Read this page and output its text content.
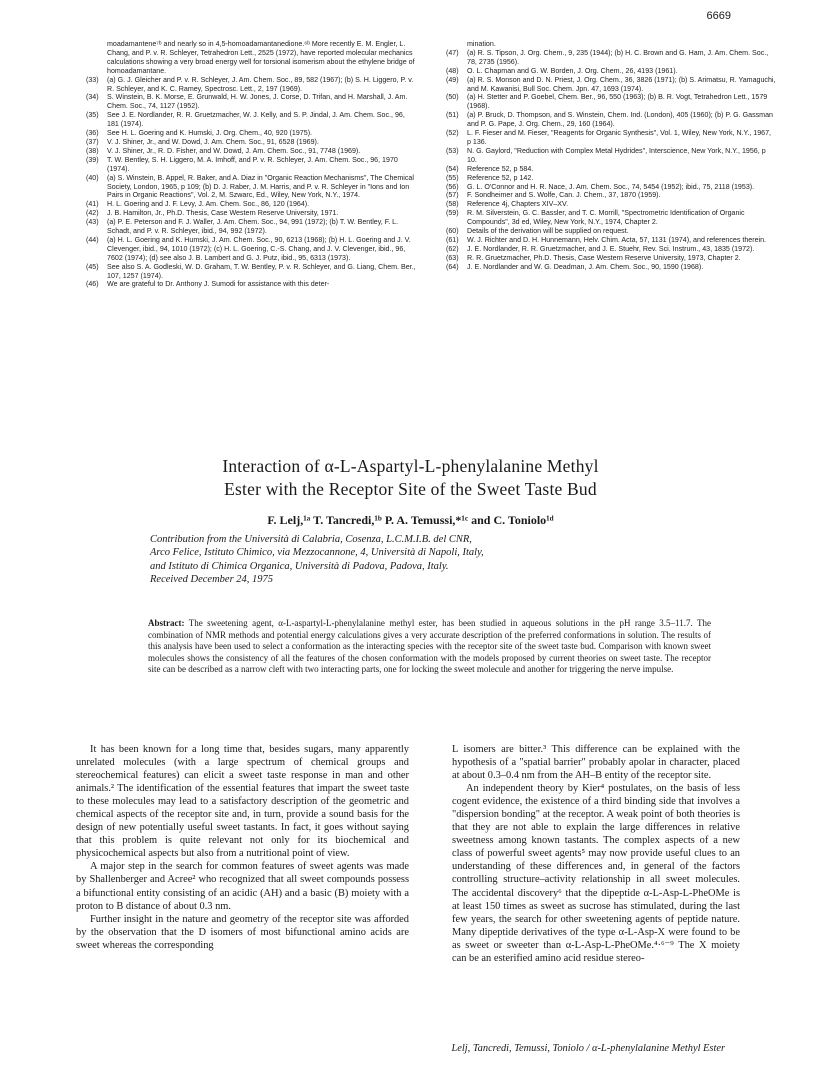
6669
moadamantene⁷ᵇ and nearly so in 4,5-homoadamantanedione.⁶ᵇ More recently E. M. Engler, L. Chang, and P. v. R. Schleyer, Tetrahedron Lett., 2525 (1972), have reported molecular mechanics calculations showing a very broad energy well for torsional isomerism about the ethylene bridge of homoadamantane.
(33) (a) G. J. Gleicher and P. v. R. Schleyer, J. Am. Chem. Soc., 89, 582 (1967); (b) S. H. Liggero, P. v. R. Schleyer, and K. C. Ramey, Spectrosc. Lett., 2, 197 (1969).
(34) S. Winstein, B. K. Morse, E. Grunwald, H. W. Jones, J. Corse, D. Trifan, and H. Marshall, J. Am. Chem. Soc., 74, 1127 (1952).
(35) See J. E. Nordlander, R. R. Gruetzmacher, W. J. Kelly, and S. P. Jindal, J. Am. Chem. Soc., 96, 181 (1974).
(36) See H. L. Goering and K. Humski, J. Org. Chem., 40, 920 (1975).
(37) V. J. Shiner, Jr., and W. Dowd, J. Am. Chem. Soc., 91, 6528 (1969).
(38) V. J. Shiner, Jr., R. D. Fisher, and W. Dowd, J. Am. Chem. Soc., 91, 7748 (1969).
(39) T. W. Bentley, S. H. Liggero, M. A. Imhoff, and P. v. R. Schleyer, J. Am. Chem. Soc., 96, 1970 (1974).
(40) (a) S. Winstein, B. Appel, R. Baker, and A. Diaz in "Organic Reaction Mechanisms", The Chemical Society, London, 1965, p 109; (b) D. J. Raber, J. M. Harris, and P. v. R. Schleyer in "Ions and Ion Pairs in Organic Reactions", Vol. 2, M. Szwarc, Ed., Wiley, New York, N.Y., 1974.
(41) H. L. Goering and J. F. Levy, J. Am. Chem. Soc., 86, 120 (1964).
(42) J. B. Hamilton, Jr., Ph.D. Thesis, Case Western Reserve University, 1971.
(43) (a) P. E. Peterson and F. J. Waller, J. Am. Chem. Soc., 94, 991 (1972); (b) T. W. Bentley, F. L. Schadt, and P. v. R. Schleyer, ibid., 94, 992 (1972).
(44) (a) H. L. Goering and K. Humski, J. Am. Chem. Soc., 90, 6213 (1968); (b) H. L. Goering and J. V. Clevenger, ibid., 94, 1010 (1972); (c) H. L. Goering, C.-S. Chang, and J. V. Clevenger, ibid., 96, 7602 (1974); (d) see also J. B. Lambert and G. J. Putz, ibid., 95, 6313 (1973).
(45) See also S. A. Godleski, W. D. Graham, T. W. Bentley, P. v. R. Schleyer, and G. Liang, Chem. Ber., 107, 1257 (1974).
(46) We are grateful to Dr. Anthony J. Sumodi for assistance with this deter-
mination.
(47) (a) R. S. Tipson, J. Org. Chem., 9, 235 (1944); (b) H. C. Brown and G. Ham, J. Am. Chem. Soc., 78, 2735 (1956).
(48) O. L. Chapman and G. W. Borden, J. Org. Chem., 26, 4193 (1961).
(49) (a) R. S. Monson and D. N. Priest, J. Org. Chem., 36, 3826 (1971); (b) S. Arimatsu, R. Yamaguchi, and M. Kawanisi, Bull Soc. Chem. Jpn. 47, 1693 (1974).
(50) (a) H. Stetter and P. Goebel, Chem. Ber., 96, 550 (1963); (b) B. R. Vogt, Tetrahedron Lett., 1579 (1968).
(51) (a) P. Bruck, D. Thompson, and S. Winstein, Chem. Ind. (London), 405 (1960); (b) P. G. Gassman and P. G. Pape, J. Org. Chem., 29, 160 (1964).
(52) L. F. Fieser and M. Fieser, "Reagents for Organic Synthesis", Vol. 1, Wiley, New York, N.Y., 1967, p 136.
(53) N. G. Gaylord, "Reduction with Complex Metal Hydrides", Interscience, New York, N.Y., 1956, p 10.
(54) Reference 52, p 584.
(55) Reference 52, p 142.
(56) G. L. O'Connor and H. R. Nace, J. Am. Chem. Soc., 74, 5454 (1952); ibid., 75, 2118 (1953).
(57) F. Sondheimer and S. Wolfe, Can. J. Chem., 37, 1870 (1959).
(58) Reference 4j, Chapters XIV–XV.
(59) R. M. Silverstein, G. C. Bassler, and T. C. Morrill, "Spectrometric Identification of Organic Compounds", 3d ed, Wiley, New York, N.Y., 1974, Chapter 2.
(60) Details of the derivation will be supplied on request.
(61) W. J. Richter and D. H. Hunnemann, Helv. Chim. Acta, 57, 1131 (1974), and references therein.
(62) J. E. Nordlander, R. R. Gruetzmacher, and J. E. Stuehr, Rev. Sci. Instrum., 43, 1835 (1972).
(63) R. R. Gruetzmacher, Ph.D. Thesis, Case Western Reserve University, 1973, Chapter 2.
(64) J. E. Nordlander and W. G. Deadman, J. Am. Chem. Soc., 90, 1590 (1968).
Interaction of α-L-Aspartyl-L-phenylalanine Methyl
Ester with the Receptor Site of the Sweet Taste Bud
F. Lelj,¹ᵃ T. Tancredi,¹ᵇ P. A. Temussi,*¹ᶜ and C. Toniolo¹ᵈ
Contribution from the Università di Calabria, Cosenza, L.C.M.I.B. del CNR,
Arco Felice, Istituto Chimico, via Mezzocannone, 4, Università di Napoli, Italy,
and Istituto di Chimica Organica, Università di Padova, Padova, Italy.
Received December 24, 1975
Abstract: The sweetening agent, α-L-aspartyl-L-phenylalanine methyl ester, has been studied in aqueous solutions in the pH range 3.5–11.7. The combination of NMR methods and potential energy calculations gives a very accurate description of the preferred conformations in solution. The results of this analysis have been used to select a conformation as the interacting species with the receptor site of the sweet taste bud. Comparison with known sweet molecules shows the consistency of all the features of the chosen conformation with the models proposed by current theories on sweet taste. The receptor site can be described as a narrow cleft with two interacting parts, one for locking the sweet molecule and another for triggering the nerve impulse.

It has been known for a long time that, besides sugars, many apparently unrelated molecules (with a large spectrum of chemical groups and stereochemical features) can elicit a sweet taste response in man and other animals.² The identification of the essential features that impart the sweet taste to these molecules may lead to a satisfactory description of the geometric and chemical aspects of the receptor site and, in turn, provide a sound basis for the design of new potentially useful sweet tastants. In fact, it goes without saying that this problem is quite relevant not only for its biochemical and physicochemical aspects but also from a nutritional point of view.

A major step in the search for common features of sweet agents was made by Shallenberger and Acree² who recognized that all sweet compounds possess a bifunctional entity consisting of an acidic (AH) and a basic (B) moiety with a proton to B distance of about 0.3 nm.

Further insight in the nature and geometry of the receptor site was afforded by the observation that the D isomers of most bifunctional amino acids are sweet whereas the corresponding

L isomers are bitter.³ This difference can be explained with the hypothesis of a "spatial barrier" probably apolar in character, placed at about 0.3–0.4 nm from the AH–B entity of the receptor site.

An independent theory by Kier⁴ postulates, on the basis of less cogent evidence, the existence of a third binding side that involves a "dispersion bonding" at the receptor. A weak point of both theories is that they are not able to explain the large differences in relative sweetness among known tastants. The complex aspects of a new class of powerful sweet agents⁵ may now provide useful clues to an understanding of these differences and, in general of the factors controlling structure–activity relationship in all sweet molecules. The accidental discovery⁶ that the dipeptide α-L-Asp-L-PheOMe is at least 150 times as sweet as sucrose has stimulated, during the last few years, the search for other sweetening agents of peptide nature. Many dipeptide derivatives of the type α-L-Asp-X were found to be as sweet or sweeter than α-L-Asp-L-PheOMe.⁴·⁶⁻⁹ The X moiety can be an esterified amino acid residue stereo-

Lelj, Tancredi, Temussi, Toniolo / α-L-phenylalanine Methyl Ester
